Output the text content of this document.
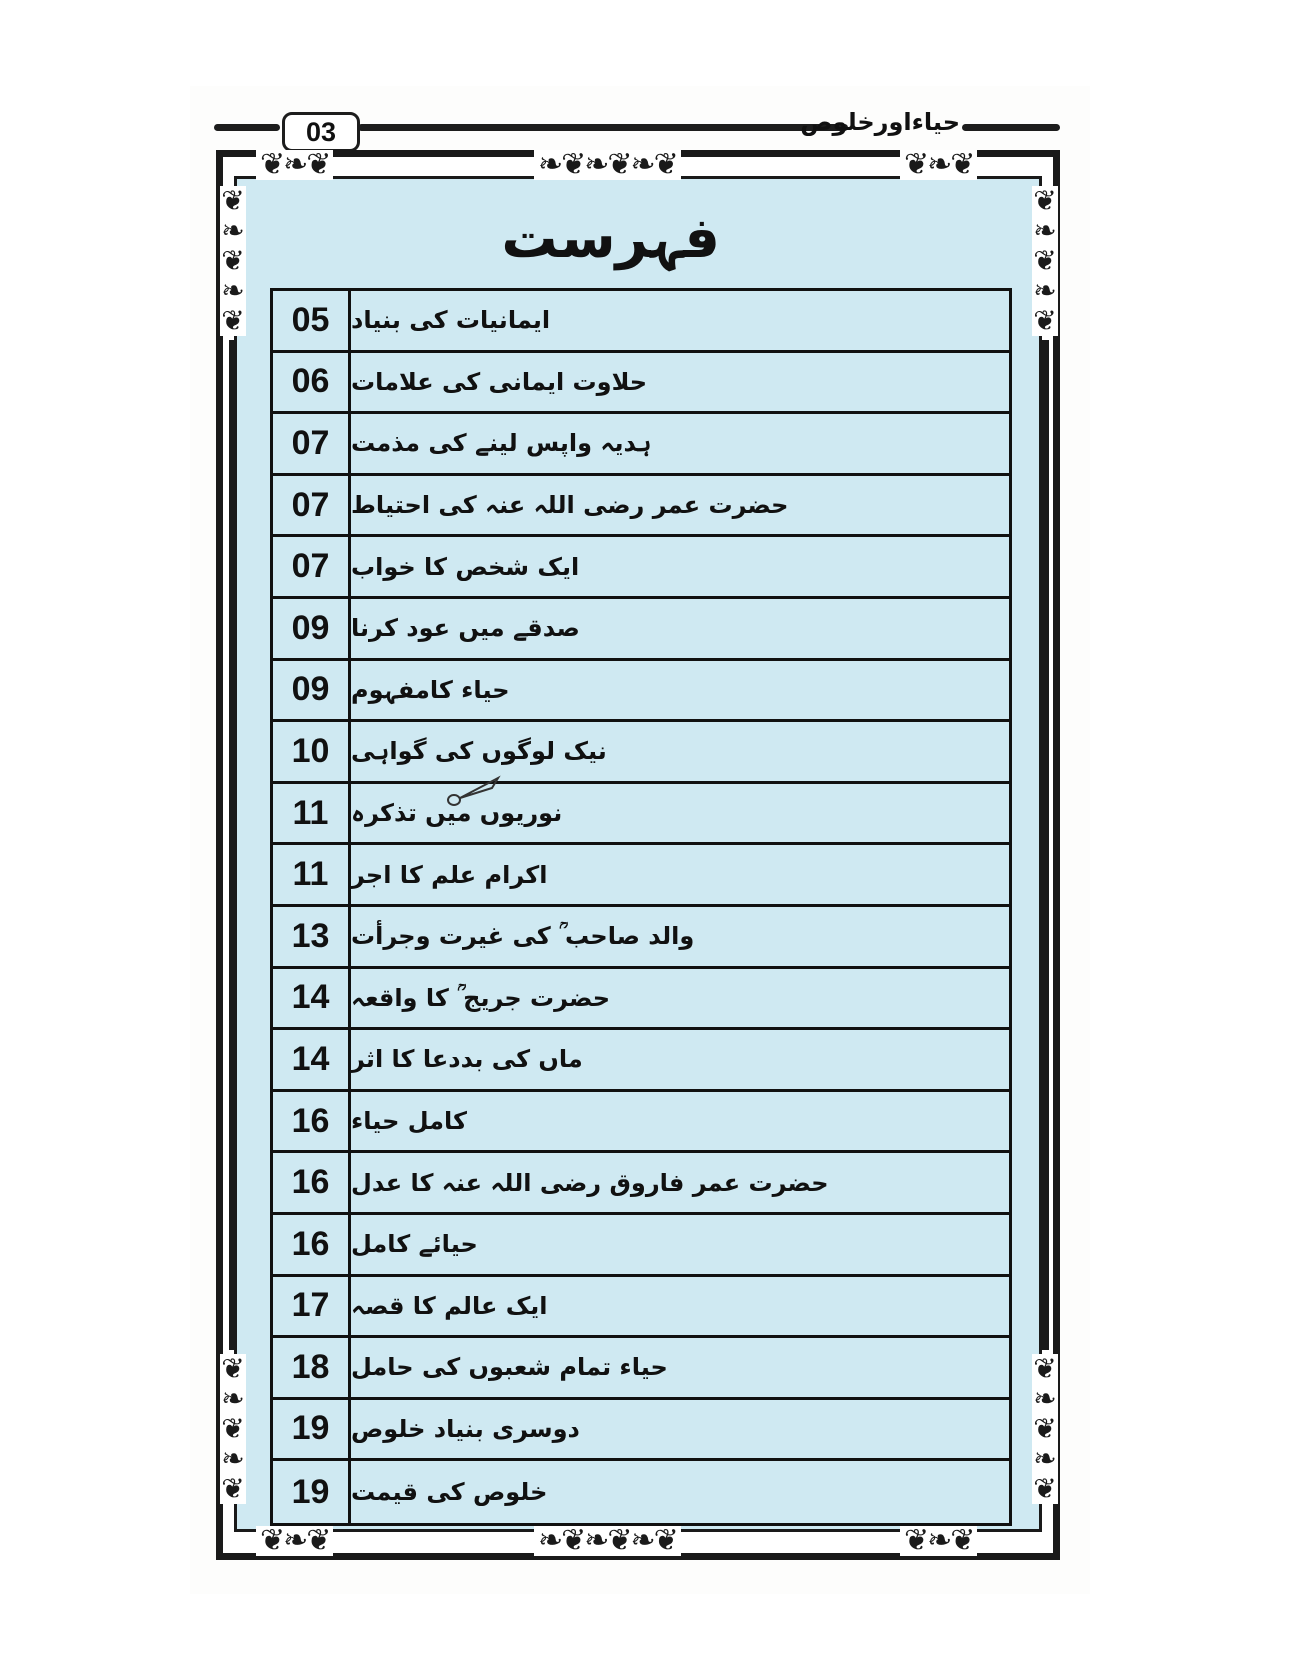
03	حیاءاورخلوص
❦❧❦	❧❦❧❦❧❦	❦❧❦
❦❧❦	❧❦❧❦❧❦	❦❧❦
❦
❧
❦
❧
❦
❦
❧
❦
❧
❦
❦
❧
❦
❧
❦
❦
❧
❦
❧
❦
فہرست
05 ایمانیات کی بنیاد
06 حلاوت ایمانی کی علامات
07 ہدیہ واپس لینے کی مذمت
07 حضرت عمر رضی اللہ عنہ کی احتیاط
07 ایک شخص کا خواب
09 صدقے میں عود کرنا
09 حیاء کامفہوم
10 نیک لوگوں کی گواہی
11 نوریوں میں تذکرہ
11 اکرام علم کا اجر
13 والد صاحب ؒ کی غیرت وجرأت
14 حضرت جریج ؒ کا واقعہ
14 ماں کی بددعا کا اثر
16 کامل حیاء
16 حضرت عمر فاروق رضی اللہ عنہ کا عدل
16 حیائے کامل
17 ایک عالم کا قصہ
18 حیاء تمام شعبوں کی حامل
19 دوسری بنیاد خلوص
19 خلوص کی قیمت
